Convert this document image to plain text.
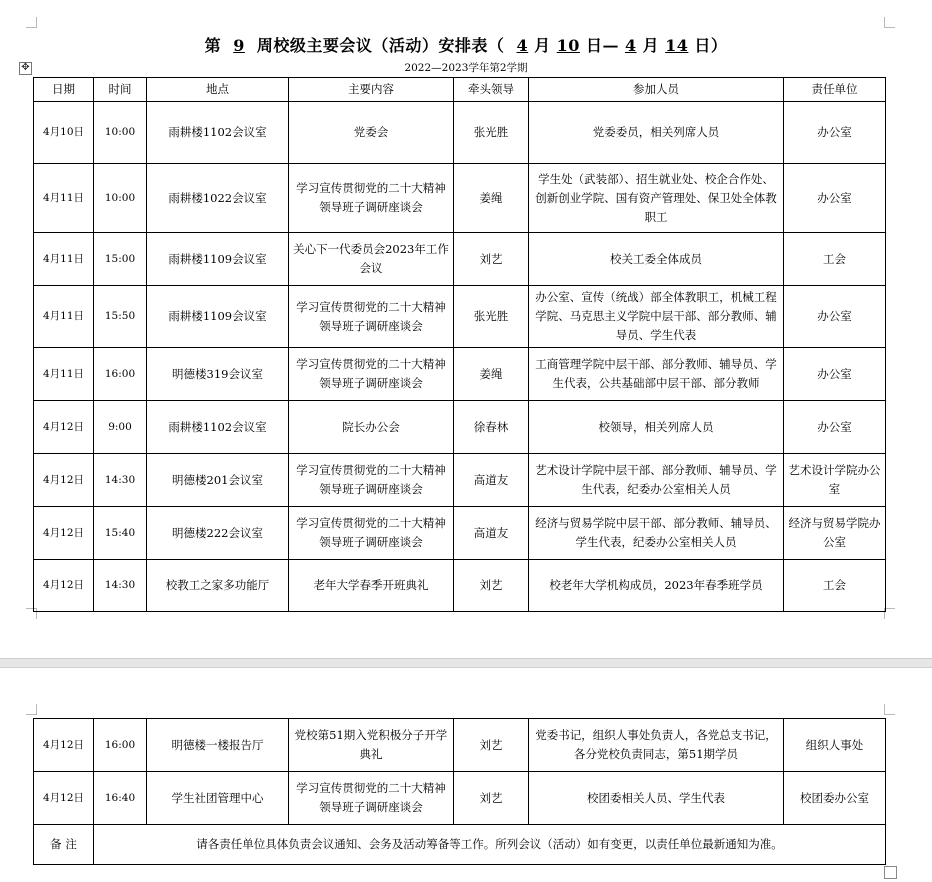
第 9 周校级主要会议（活动）安排表（ 4 月 10 日— 4 月 14 日）
2022—2023学年第2学期
✥
日期	时间	地点	主要内容	牵头领导	参加人员	责任单位
4月10日	10:00	雨耕楼1102会议室	党委会	张光胜	党委委员，相关列席人员	办公室
4月11日	10:00	雨耕楼1022会议室	学习宣传贯彻党的二十大精神领导班子调研座谈会	姜绳	学生处（武装部）、招生就业处、校企合作处、创新创业学院、国有资产管理处、保卫处全体教职工	办公室
4月11日	15:00	雨耕楼1109会议室	关心下一代委员会2023年工作会议	刘艺	校关工委全体成员	工会
4月11日	15:50	雨耕楼1109会议室	学习宣传贯彻党的二十大精神领导班子调研座谈会	张光胜	办公室、宣传（统战）部全体教职工，机械工程学院、马克思主义学院中层干部、部分教师、辅导员、学生代表	办公室
4月11日	16:00	明德楼319会议室	学习宣传贯彻党的二十大精神领导班子调研座谈会	姜绳	工商管理学院中层干部、部分教师、辅导员、学生代表，公共基础部中层干部、部分教师	办公室
4月12日	9:00	雨耕楼1102会议室	院长办公会	徐春林	校领导，相关列席人员	办公室
4月12日	14:30	明德楼201会议室	学习宣传贯彻党的二十大精神领导班子调研座谈会	高道友	艺术设计学院中层干部、部分教师、辅导员、学生代表，纪委办公室相关人员	艺术设计学院办公室
4月12日	15:40	明德楼222会议室	学习宣传贯彻党的二十大精神领导班子调研座谈会	高道友	经济与贸易学院中层干部、部分教师、辅导员、学生代表，纪委办公室相关人员	经济与贸易学院办公室
4月12日	14:30	校教工之家多功能厅	老年大学春季开班典礼	刘艺	校老年大学机构成员，2023年春季班学员	工会
4月12日	16:00	明德楼一楼报告厅	党校第51期入党积极分子开学典礼	刘艺	党委书记，组织人事处负责人，各党总支书记，各分党校负责同志，第51期学员	组织人事处
4月12日	16:40	学生社团管理中心	学习宣传贯彻党的二十大精神领导班子调研座谈会	刘艺	校团委相关人员、学生代表	校团委办公室
备 注	请各责任单位具体负责会议通知、会务及活动筹备等工作。所列会议（活动）如有变更，以责任单位最新通知为准。					
